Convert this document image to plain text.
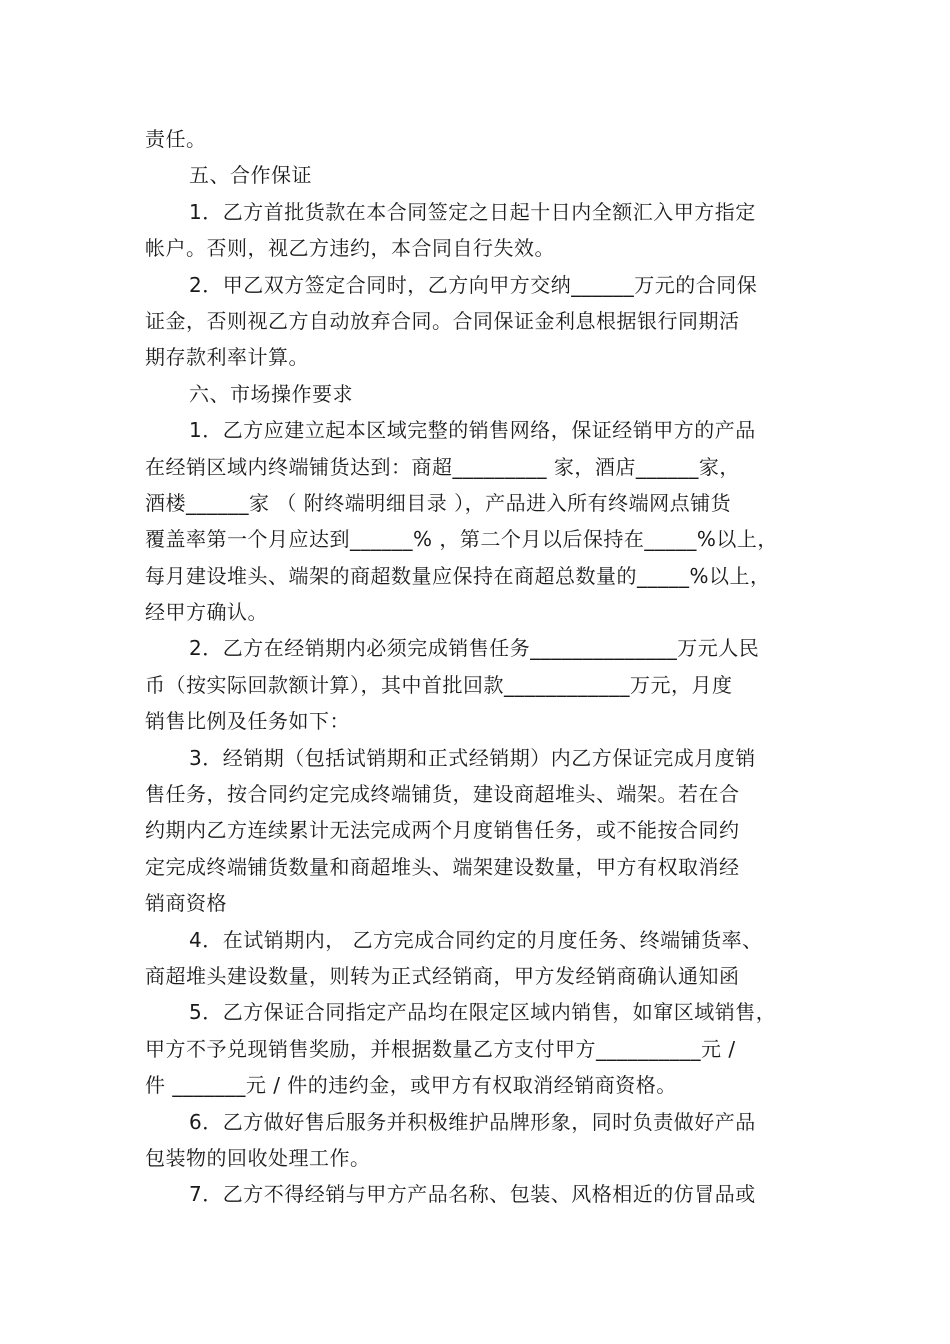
责任。
五、合作保证
1．乙方首批货款在本合同签定之日起十日内全额汇入甲方指定
帐户。否则，视乙方违约，本合同自行失效。
2．甲乙双方签定合同时，乙方向甲方交纳______万元的合同保
证金，否则视乙方自动放弃合同。合同保证金利息根据银行同期活
期存款利率计算。
六、市场操作要求
1．乙方应建立起本区域完整的销售网络，保证经销甲方的产品
在经销区域内终端铺货达到：商超_________ 家，酒店______家，
酒楼______家 （ 附终端明细目录 ），产品进入所有终端网点铺货
覆盖率第一个月应达到______% ，第二个月以后保持在_____%以上，
每月建设堆头、端架的商超数量应保持在商超总数量的_____%以上，
经甲方确认。
2．乙方在经销期内必须完成销售任务______________万元人民
币（按实际回款额计算），其中首批回款____________万元，月度
销售比例及任务如下：
3．经销期（包括试销期和正式经销期）内乙方保证完成月度销
售任务，按合同约定完成终端铺货，建设商超堆头、端架。若在合
约期内乙方连续累计无法完成两个月度销售任务，或不能按合同约
定完成终端铺货数量和商超堆头、端架建设数量，甲方有权取消经
销商资格
4．在试销期内， 乙方完成合同约定的月度任务、终端铺货率、
商超堆头建设数量，则转为正式经销商，甲方发经销商确认通知函
5．乙方保证合同指定产品均在限定区域内销售，如窜区域销售，
甲方不予兑现销售奖励，并根据数量乙方支付甲方__________元 /
件 _______元 / 件的违约金，或甲方有权取消经销商资格。
6．乙方做好售后服务并积极维护品牌形象，同时负责做好产品
包装物的回收处理工作。
7．乙方不得经销与甲方产品名称、包装、风格相近的仿冒品或
